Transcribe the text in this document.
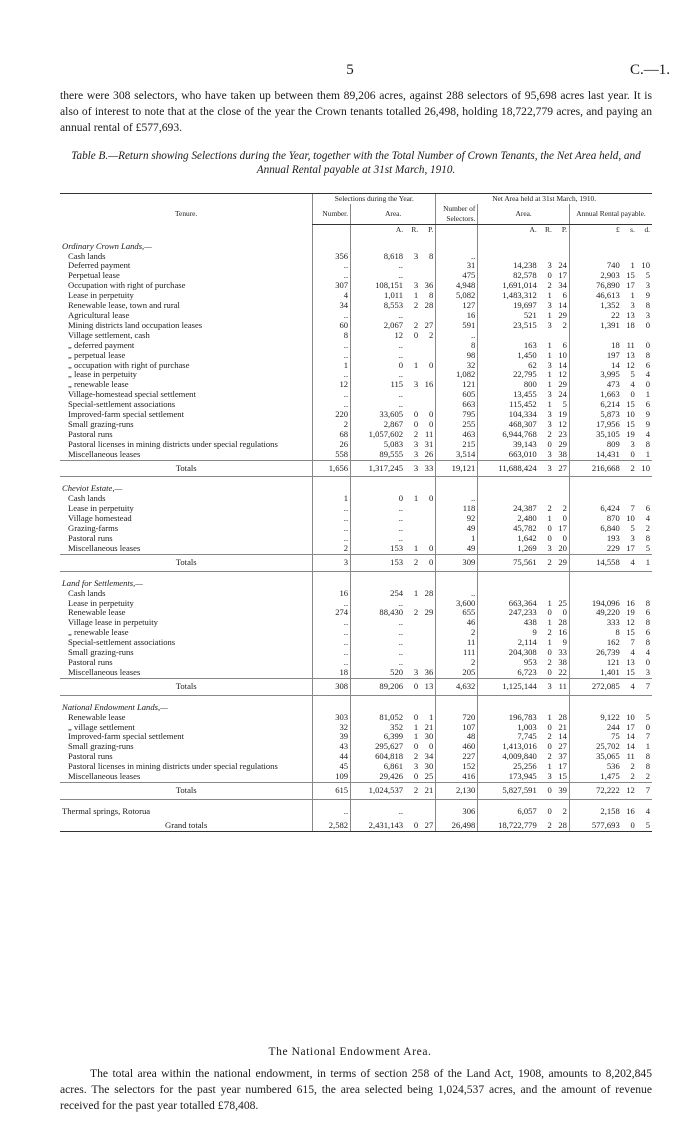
5	C.—1.
there were 308 selectors, who have taken up between them 89,206 acres, against 288 selectors of 95,698 acres last year. It is also of interest to note that at the close of the year the Crown tenants totalled 26,498, holding 18,722,779 acres, and paying an annual rental of £577,693.
Table B.—Return showing Selections during the Year, together with the Total Number of Crown Tenants, the Net Area held, and Annual Rental payable at 31st March, 1910.
Tenure.	Selections during the Year.				Net Area held at 31st March, 1910.						
	Number.	Area.			Number of Selectors.	Area.			Annual Rental payable.		
		A.	R.	P.		A.	R.	P.	£	s.	d.
Ordinary Crown Lands,—											
Cash lands	356	8,618	3	8	..						
Deferred payment	..	..			31	14,238	3	24	740	1	10
Perpetual lease	..	..			475	82,578	0	17	2,903	15	5
Occupation with right of purchase	307	108,151	3	36	4,948	1,691,014	2	34	76,890	17	3
Lease in perpetuity	4	1,011	1	8	5,082	1,483,312	1	6	46,613	1	9
Renewable lease, town and rural	34	8,553	2	28	127	19,697	3	14	1,352	3	8
Agricultural lease	..	..			16	521	1	29	22	13	3
Mining districts land occupation leases	60	2,067	2	27	591	23,515	3	2	1,391	18	0
Village settlement, cash	8	12	0	2	..						
„ deferred payment	..	..			8	163	1	6	18	11	0
„ perpetual lease	..	..			98	1,450	1	10	197	13	8
„ occupation with right of purchase	1	0	1	0	32	62	3	14	14	12	6
„ lease in perpetuity	..	..			1,082	22,795	1	12	3,995	5	4
„ renewable lease	12	115	3	16	121	800	1	29	473	4	0
Village-homestead special settlement	..	..			605	13,455	3	24	1,663	0	1
Special-settlement associations	..	..			663	115,452	1	5	6,214	15	6
Improved-farm special settlement	220	33,605	0	0	795	104,334	3	19	5,873	10	9
Small grazing-runs	2	2,867	0	0	255	468,307	3	12	17,956	15	9
Pastoral runs	68	1,057,602	2	11	463	6,944,768	2	23	35,105	19	4
Pastoral licenses in mining districts under special regulations	26	5,083	3	31	215	39,143	0	29	809	3	8
Miscellaneous leases	558	89,555	3	26	3,514	663,010	3	38	14,431	0	1
Totals	1,656	1,317,245	3	33	19,121	11,688,424	3	27	216,668	2	10
Cheviot Estate,—											
Cash lands	1	0	1	0	..						
Lease in perpetuity	..	..			118	24,387	2	2	6,424	7	6
Village homestead	..	..			92	2,480	1	0	870	10	4
Grazing-farms	..	..			49	45,782	0	17	6,840	5	2
Pastoral runs	..	..			1	1,642	0	0	193	3	8
Miscellaneous leases	2	153	1	0	49	1,269	3	20	229	17	5
Totals	3	153	2	0	309	75,561	2	29	14,558	4	1
Land for Settlements,—											
Cash lands	16	254	1	28	..						
Lease in perpetuity	..	..			3,600	663,364	1	25	194,096	16	8
Renewable lease	274	88,430	2	29	655	247,233	0	0	49,220	19	6
Village lease in perpetuity	..	..			46	438	1	28	333	12	8
„ renewable lease	..	..			2	9	2	16	8	15	6
Special-settlement associations	..	..			11	2,114	1	9	162	7	8
Small grazing-runs	..	..			111	204,308	0	33	26,739	4	4
Pastoral runs	..	..			2	953	2	38	121	13	0
Miscellaneous leases	18	520	3	36	205	6,723	0	22	1,401	15	3
Totals	308	89,206	0	13	4,632	1,125,144	3	11	272,085	4	7
National Endowment Lands,—											
Renewable lease	303	81,052	0	1	720	196,783	1	28	9,122	10	5
„ village settlement	32	352	1	21	107	1,003	0	21	244	17	0
Improved-farm special settlement	39	6,399	1	30	48	7,745	2	14	75	14	7
Small grazing-runs	43	295,627	0	0	460	1,413,016	0	27	25,702	14	1
Pastoral runs	44	604,818	2	34	227	4,009,840	2	37	35,065	11	8
Pastoral licenses in mining districts under special regulations	45	6,861	3	30	152	25,256	1	17	536	2	8
Miscellaneous leases	109	29,426	0	25	416	173,945	3	15	1,475	2	2
Totals	615	1,024,537	2	21	2,130	5,827,591	0	39	72,222	12	7
Thermal springs, Rotorua	..	..			306	6,057	0	2	2,158	16	4
Grand totals	2,582	2,431,143	0	27	26,498	18,722,779	2	28	577,693	0	5
The National Endowment Area.
The total area within the national endowment, in terms of section 258 of the Land Act, 1908, amounts to 8,202,845 acres. The selectors for the past year numbered 615, the area selected being 1,024,537 acres, and the amount of revenue received for the past year totalled £78,408.
